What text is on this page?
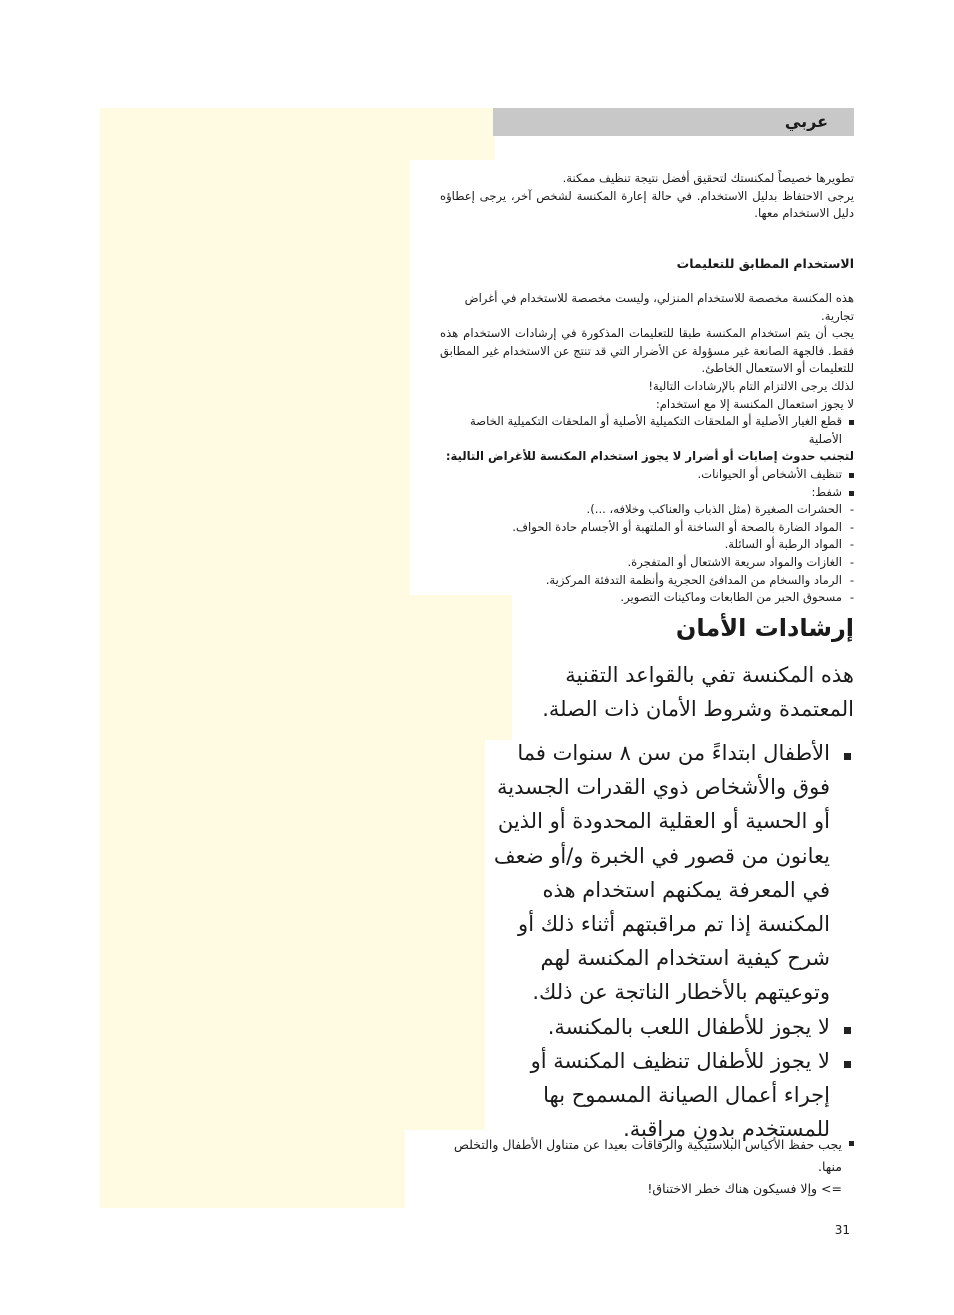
عربي

تطويرها خصيصاً لمكنستك لتحقيق أفضل نتيجة تنظيف ممكنة.

يرجى الاحتفاظ بدليل الاستخدام. في حالة إعارة المكنسة لشخص آخر، يرجى إعطاؤه دليل الاستخدام معها.

الاستخدام المطابق للتعليمات

هذه المكنسة مخصصة للاستخدام المنزلي، وليست مخصصة للاستخدام في أغراض تجارية.

يجب أن يتم استخدام المكنسة طبقا للتعليمات المذكورة في إرشادات الاستخدام هذه فقط. فالجهة الصانعة غير مسؤولة عن الأضرار التي قد تنتج عن الاستخدام غير المطابق للتعليمات أو الاستعمال الخاطئ.

لذلك يرجى الالتزام التام بالإرشادات التالية!

لا يجوز استعمال المكنسة إلا مع استخدام:

قطع الغيار الأصلية أو الملحقات التكميلية الأصلية أو الملحقات التكميلية الخاصة الأصلية

لتجنب حدوث إصابات أو أضرار لا يجوز استخدام المكنسة للأغراض التالية:

تنظيف الأشخاص أو الحيوانات.
شفط:
- الحشرات الصغيرة (مثل الذباب والعناكب وخلافه، ...).
- المواد الضارة بالصحة أو الساخنة أو الملتهبة أو الأجسام حادة الحواف.
- المواد الرطبة أو السائلة.
- الغازات والمواد سريعة الاشتعال أو المتفجرة.
- الرماد والسخام من المدافئ الحجرية وأنظمة التدفئة المركزية.
- مسحوق الحبر من الطابعات وماكينات التصوير.
إرشادات الأمان
هذه المكنسة تفي بالقواعد التقنية المعتمدة وشروط الأمان ذات الصلة.
الأطفال ابتداءً من سن ٨ سنوات فما فوق والأشخاص ذوي القدرات الجسدية أو الحسية أو العقلية المحدودة أو الذين يعانون من قصور في الخبرة و/أو ضعف في المعرفة يمكنهم استخدام هذه المكنسة إذا تم مراقبتهم أثناء ذلك أو شرح كيفية استخدام المكنسة لهم وتوعيتهم بالأخطار الناتجة عن ذلك.
لا يجوز للأطفال اللعب بالمكنسة.
لا يجوز للأطفال تنظيف المكنسة أو إجراء أعمال الصيانة المسموح بها للمستخدم بدون مراقبة.
يجب حفظ الأكياس البلاستيكية والرقاقات بعيدا عن متناول الأطفال والتخلص منها.
=> وإلا فسيكون هناك خطر الاختناق!
31
